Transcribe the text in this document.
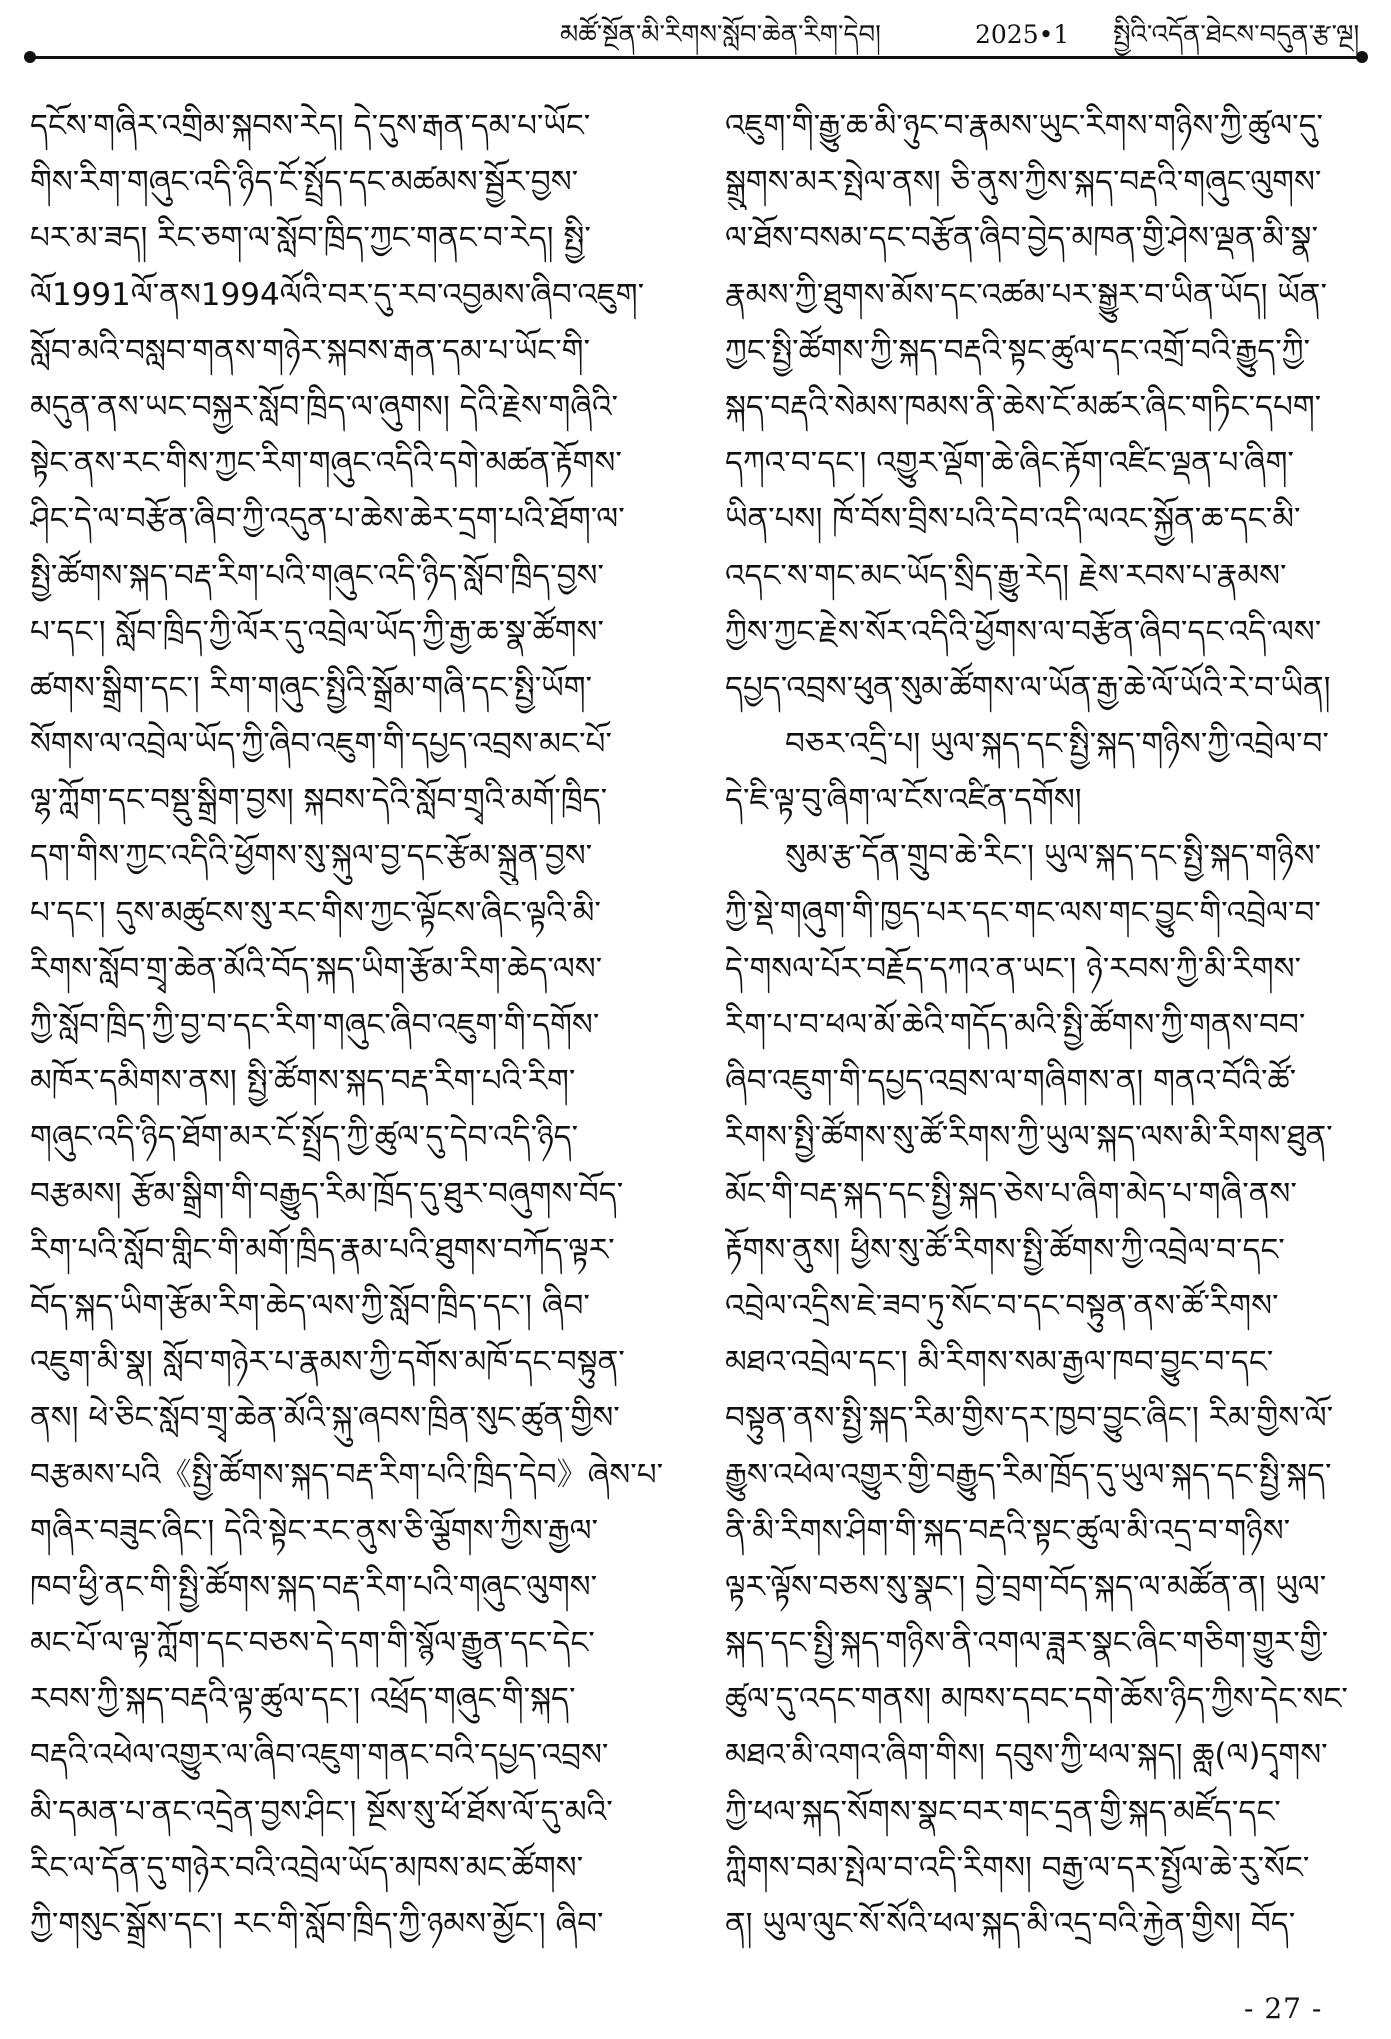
མཚོ་སྔོན་མི་རིགས་སློབ་ཆེན་རིག་དེབ།	2025•1 སྤྱིའི་འདོན་ཐེངས་བདུན་རྩ་ལྔ།
དངོས་གཞིར་འགྲིམ་སྐབས་རེད། དེ་དུས་རྒན་དམ་པ་ཡོང་
གིས་རིག་གཞུང་འདི་ཉིད་ངོ་སྤྲོད་དང་མཚམས་སྦྱོར་བྱས་
པར་མ་ཟད། རིང་ཅག་ལ་སློབ་ཁྲིད་ཀྱང་གནང་བ་རེད། སྤྱི་
ལོ1991ལོ་ནས1994ལོའི་བར་དུ་རབ་འབྱམས་ཞིབ་འཇུག་
སློབ་མའི་བསླབ་གནས་གཉེར་སྐབས་རྒན་དམ་པ་ཡོང་གི་
མདུན་ནས་ཡང་བསྐྱར་སློབ་ཁྲིད་ལ་ཞུགས། དེའི་རྗེས་གཞིའི་
སྟེང་ནས་རང་གིས་ཀྱང་རིག་གཞུང་འདིའི་དགེ་མཚན་རྟོགས་
ཤིང་དེ་ལ་བརྩོན་ཞིབ་ཀྱི་འདུན་པ་ཆེས་ཆེར་དྲག་པའི་ཐོག་ལ་
སྤྱི་ཚོགས་སྐད་བརྡ་རིག་པའི་གཞུང་འདི་ཉིད་སློབ་ཁྲིད་བྱས་
པ་དང་། སློབ་ཁྲིད་ཀྱི་ལོར་དུ་འབྲེལ་ཡོད་ཀྱི་རྒྱ་ཆ་སྣ་ཚོགས་
ཚགས་སྒྲིག་དང་། རིག་གཞུང་སྤྱིའི་སྒྲོམ་གཞི་དང་སྤྱི་ཡོག་
སོགས་ལ་འབྲེལ་ཡོད་ཀྱི་ཞིབ་འཇུག་གི་དཔྱད་འབྲས་མང་པོ་
ལྷ་ཀློག་དང་བསྡུ་སྒྲིག་བྱས། སྐབས་དེའི་སློབ་གྲྭའི་མགོ་ཁྲིད་
དག་གིས་ཀྱང་འདིའི་ཕྱོགས་སུ་སྐུལ་བྱ་དང་རྩོམ་སྐྲུན་བྱས་
པ་དང་། དུས་མཚུངས་སུ་རང་གིས་ཀྱང་ལྟོངས་ཞིང་ལྟའི་མི་
རིགས་སློབ་གྲྭ་ཆེན་མོའི་བོད་སྐད་ཡིག་རྩོམ་རིག་ཆེད་ལས་
ཀྱི་སློབ་ཁྲིད་ཀྱི་བྱ་བ་དང་རིག་གཞུང་ཞིབ་འཇུག་གི་དགོས་
མཁོར་དམིགས་ནས། སྤྱི་ཚོགས་སྐད་བརྡ་རིག་པའི་རིག་
གཞུང་འདི་ཉིད་ཐོག་མར་ངོ་སྤྲོད་ཀྱི་ཚུལ་དུ་དེབ་འདི་ཉིད་
བརྩམས། རྩོམ་སྒྲིག་གི་བརྒྱུད་རིམ་ཁྲོད་དུ་ཐུར་བཞུགས་བོད་
རིག་པའི་སློབ་གླིང་གི་མགོ་ཁྲིད་རྣམ་པའི་ཐུགས་བཀོད་ལྟར་
བོད་སྐད་ཡིག་རྩོམ་རིག་ཆེད་ལས་ཀྱི་སློབ་ཁྲིད་དང་། ཞིབ་
འཇུག་མི་སྣ། སློབ་གཉེར་པ་རྣམས་ཀྱི་དགོས་མཁོ་དང་བསྟུན་
ནས། ཕེ་ཅིང་སློབ་གྲྭ་ཆེན་མོའི་སྐུ་ཞབས་ཁྲིན་སུང་ཚུན་གྱིས་
བརྩམས་པའི《སྤྱི་ཚོགས་སྐད་བརྡ་རིག་པའི་ཁྲིད་དེབ》ཞེས་པ་
གཞིར་བཟུང་ཞིང་། དེའི་སྟེང་རང་ནུས་ཅི་ལྕོགས་ཀྱིས་རྒྱལ་
ཁབ་ཕྱི་ནང་གི་སྤྱི་ཚོགས་སྐད་བརྡ་རིག་པའི་གཞུང་ལུགས་
མང་པོ་ལ་ལྟ་ཀློག་དང་བཅས་དེ་དག་གི་སྙོལ་རྒྱུན་དང་དེང་
རབས་ཀྱི་སྐད་བརྡའི་ལྟ་ཚུལ་དང་། འཕྲོད་གཞུང་གི་སྐད་
བརྡའི་འཕེལ་འགྱུར་ལ་ཞིབ་འཇུག་གནང་བའི་དཔྱད་འབྲས་
མི་དམན་པ་ནང་འདྲེན་བྱས་ཤིང་། སྔོས་སུ་ཕོ་ཐོས་ལོ་དུ་མའི་
རིང་ལ་དོན་དུ་གཉེར་བའི་འབྲེལ་ཡོད་མཁས་མང་ཚོགས་
ཀྱི་གསུང་སྒྲོས་དང་། རང་གི་སློབ་ཁྲིད་ཀྱི་ཉམས་མྱོང་། ཞིབ་
འཇུག་གི་རྒྱུ་ཆ་མི་ཉུང་བ་རྣམས་ཡུང་རིགས་གཉིས་ཀྱི་ཚུལ་དུ་
སྒྲུགས་མར་སྤེལ་ནས། ཅི་ནུས་ཀྱིས་སྐད་བརྡའི་གཞུང་ལུགས་
ལ་ཐོས་བསམ་དང་བརྩོན་ཞིབ་བྱེད་མཁན་གྱི་ཤེས་ལྡན་མི་སྣ་
རྣམས་ཀྱི་ཐུགས་མོས་དང་འཚམ་པར་སྒྱུར་བ་ཡིན་ཡོད། ཡོན་
ཀྱང་སྤྱི་ཚོགས་ཀྱི་སྐད་བརྡའི་སྟང་ཚུལ་དང་འགྲོ་བའི་རྒྱུད་ཀྱི་
སྐད་བརྡའི་སེམས་ཁམས་ནི་ཆེས་ངོ་མཚར་ཞིང་གཏིང་དཔག་
དཀའ་བ་དང་། འགྱུར་ལྡོག་ཆེ་ཞིང་རྟོག་འཛིང་ལྡན་པ་ཞིག་
ཡིན་པས། ཁོ་བོས་བྲིས་པའི་དེབ་འདི་ལའང་སྐྱོན་ཆ་དང་མི་
འདང་ས་གང་མང་ཡོད་སྲིད་རྒྱུ་རེད། རྗེས་རབས་པ་རྣམས་
ཀྱིས་ཀྱང་རྗེས་སོར་འདིའི་ཕྱོགས་ལ་བརྩོན་ཞིབ་དང་འདི་ལས་
དཔྱད་འབྲས་ཕུན་སུམ་ཚོགས་ལ་ཡོན་རྒྱ་ཆེ་ལོ་ཡོའི་རེ་བ་ཡིན།
བཅར་འདྲི་པ། ཡུལ་སྐད་དང་སྤྱི་སྐད་གཉིས་ཀྱི་འབྲེལ་བ་
དེ་ཇི་ལྟ་བུ་ཞིག་ལ་ངོས་འཛིན་དགོས།
སུམ་རྩ་དོན་གྲུབ་ཆེ་རིང་། ཡུལ་སྐད་དང་སྤྱི་སྐད་གཉིས་
ཀྱི་སྡེ་གཞུག་གི་ཁྱད་པར་དང་གང་ལས་གང་བྱུང་གི་འབྲེལ་བ་
དེ་གསལ་པོར་བརྗོད་དཀའ་ན་ཡང་། ཉེ་རབས་ཀྱི་མི་རིགས་
རིག་པ་བ་ཕལ་མོ་ཆེའི་གདོད་མའི་སྤྱི་ཚོགས་ཀྱི་གནས་བབ་
ཞིབ་འཇུག་གི་དཔྱད་འབྲས་ལ་གཞིགས་ན། གནའ་བོའི་ཚོ་
རིགས་སྤྱི་ཚོགས་སུ་ཚོ་རིགས་ཀྱི་ཡུལ་སྐད་ལས་མི་རིགས་ཐུན་
མོང་གི་བརྡ་སྐད་དང་སྤྱི་སྐད་ཅེས་པ་ཞིག་མེད་པ་གཞི་ནས་
རྟོགས་ནུས། ཕྱིས་སུ་ཚོ་རིགས་སྤྱི་ཚོགས་ཀྱི་འབྲེལ་བ་དང་
འབྲེལ་འདྲིས་ཇེ་ཟབ་ཏུ་སོང་བ་དང་བསྟུན་ནས་ཚོ་རིགས་
མཐའ་འབྲེལ་དང་། མི་རིགས་སམ་རྒྱལ་ཁབ་བྱུང་བ་དང་
བསྟུན་ནས་སྤྱི་སྐད་རིམ་གྱིས་དར་ཁྱབ་བྱུང་ཞིང་། རིམ་གྱིས་ལོ་
རྒྱུས་འཕེལ་འགྱུར་གྱི་བརྒྱུད་རིམ་ཁྲོད་དུ་ཡུལ་སྐད་དང་སྤྱི་སྐད་
ནི་མི་རིགས་ཤིག་གི་སྐད་བརྡའི་སྟང་ཚུལ་མི་འདྲ་བ་གཉིས་
ལྟར་ལྟོས་བཅས་སུ་སྣང་། བྱེ་བྲག་བོད་སྐད་ལ་མཚོན་ན། ཡུལ་
སྐད་དང་སྤྱི་སྐད་གཉིས་ནི་འགལ་ཟླར་སྣང་ཞིང་གཅིག་གྱུར་གྱི་
ཚུལ་དུ་འདང་གནས། མཁས་དབང་དགེ་ཆོས་ཉིད་ཀྱིས་དེང་སང་
མཐའ་མི་འགའ་ཞིག་གིས། དབུས་ཀྱི་ཕལ་སྐད། ཆླ(ལ)དྭགས་
ཀྱི་ཕལ་སྐད་སོགས་སྣང་བར་གང་དྲན་གྱི་སྐད་མཛོད་དང་
ཀླིགས་བམ་སྤེལ་བ་འདི་རིགས། བརྒྱ་ལ་དར་སྤྱོལ་ཆེ་རུ་སོང་
ན། ཡུལ་ལུང་སོ་སོའི་ཕལ་སྐད་མི་འདྲ་བའི་རྐྱེན་གྱིས། བོད་
- 27 -
